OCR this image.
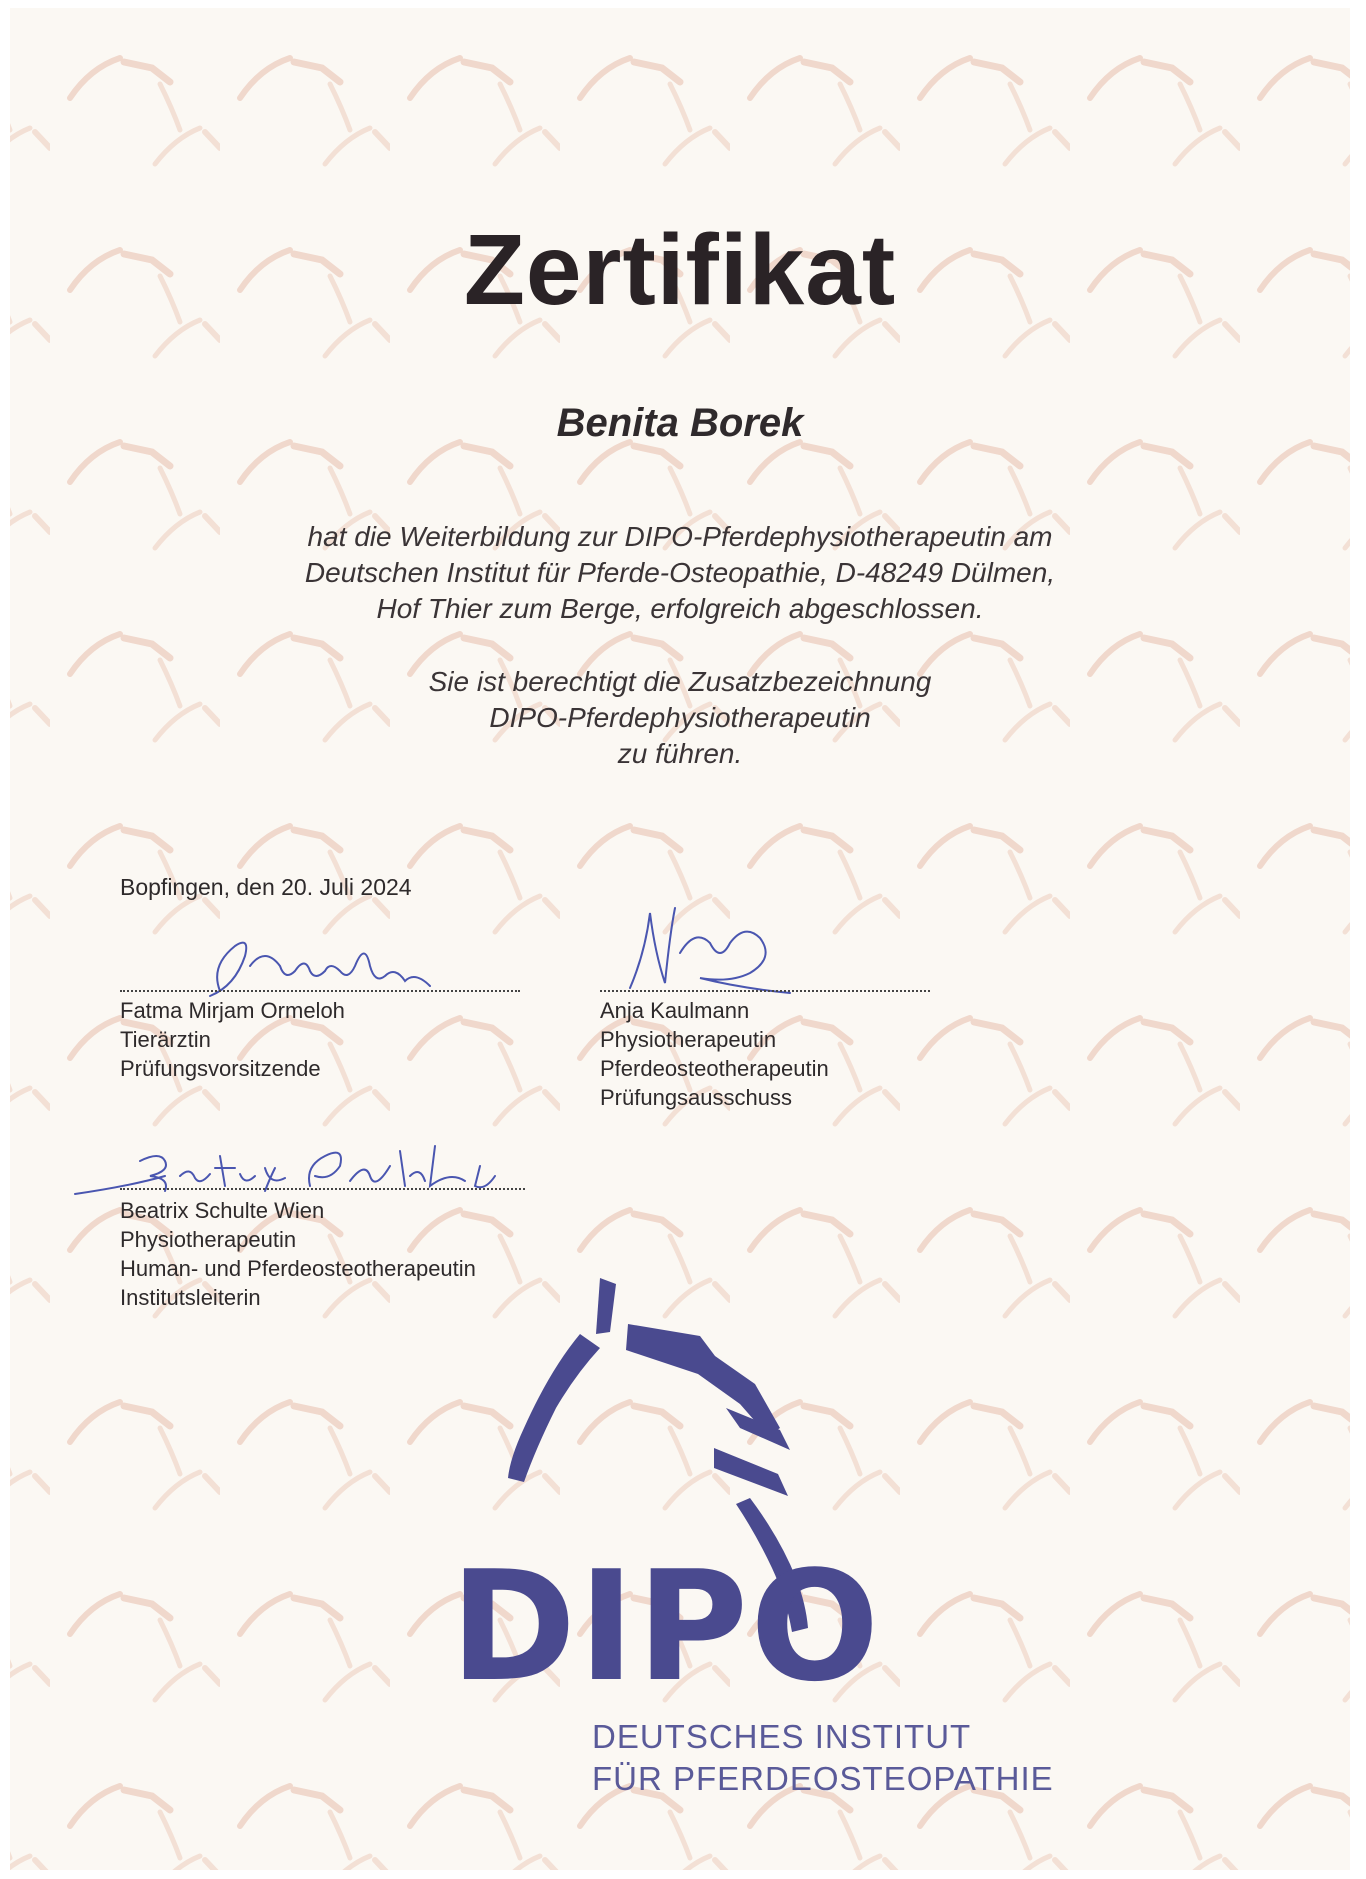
Zertifikat
Benita Borek
hat die Weiterbildung zur DIPO-Pferdephysiotherapeutin am
Deutschen Institut für Pferde-Osteopathie, D-48249 Dülmen,
Hof Thier zum Berge, erfolgreich abgeschlossen.
Sie ist berechtigt die Zusatzbezeichnung
DIPO-Pferdephysiotherapeutin
zu führen.
Bopfingen, den 20. Juli 2024
Fatma Mirjam Ormeloh
Tierärztin
Prüfungsvorsitzende
Anja Kaulmann
Physiotherapeutin
Pferdeosteotherapeutin
Prüfungsausschuss
Beatrix Schulte Wien
Physiotherapeutin
Human- und Pferdeosteotherapeutin
Institutsleiterin
DIPO
DEUTSCHES INSTITUT
FÜR PFERDEOSTEOPATHIE
